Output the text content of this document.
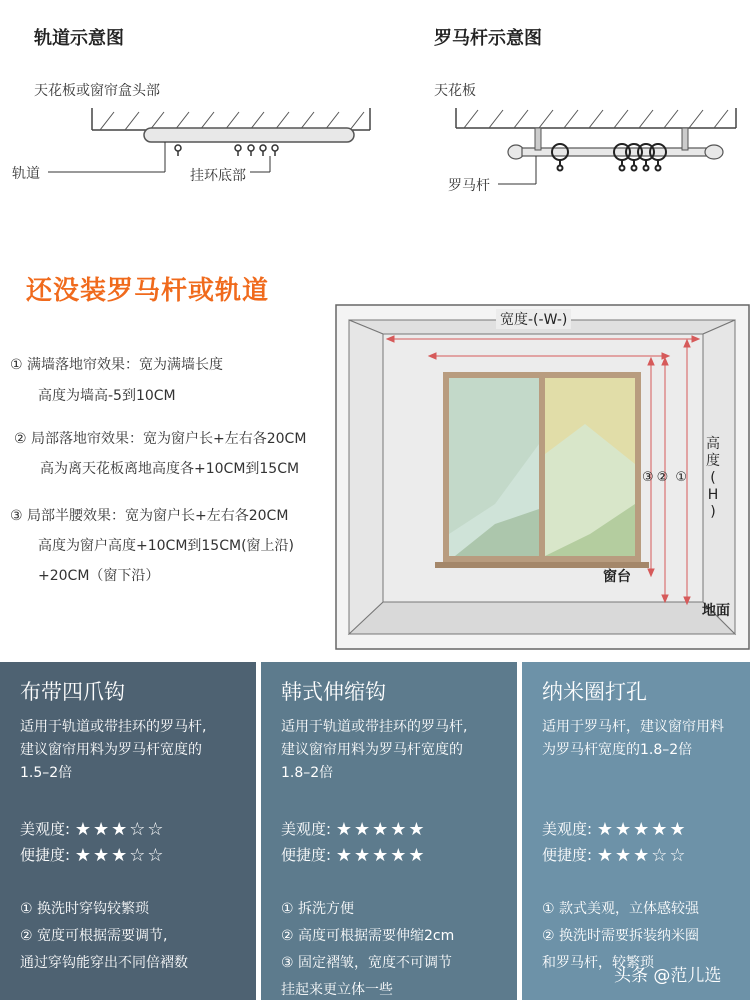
轨道示意图
天花板或窗帘盒头部
轨道	挂环底部
罗马杆示意图
天花板
罗马杆
还没装罗马杆或轨道
① 满墙落地帘效果：宽为满墙长度
高度为墙高-5到10CM
② 局部落地帘效果：宽为窗户长+左右各20CM
高为离天花板离地高度各+10CM到15CM
③ 局部半腰效果：宽为窗户长+左右各20CM
高度为窗户高度+10CM到15CM(窗上沿)
+20CM（窗下沿）
宽度-(-W-)
高
度
(
H
)
③② ①
窗台
地面
布带四爪钩
适用于轨道或带挂环的罗马杆,
建议窗帘用料为罗马杆宽度的
1.5–2倍
美观度: ★★★☆☆
便捷度: ★★★☆☆
① 换洗时穿钩较繁琐
② 宽度可根据需要调节,
通过穿钩能穿出不同倍褶数
韩式伸缩钩
适用于轨道或带挂环的罗马杆,
建议窗帘用料为罗马杆宽度的
1.8–2倍
美观度: ★★★★★
便捷度: ★★★★★
① 拆洗方便
② 高度可根据需要伸缩2cm
③ 固定褶皱，宽度不可调节
挂起来更立体一些
纳米圈打孔
适用于罗马杆，建议窗帘用料
为罗马杆宽度的1.8–2倍
美观度: ★★★★★
便捷度: ★★★☆☆
① 款式美观，立体感较强
② 换洗时需要拆装纳米圈
和罗马杆，较繁琐
头条 @范儿选
